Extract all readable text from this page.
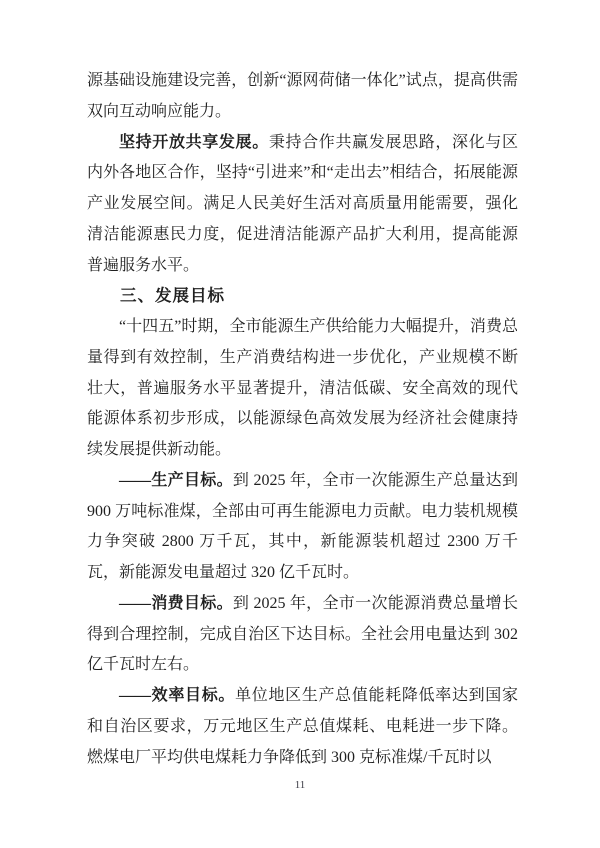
源基础设施建设完善，创新“源网荷储一体化”试点，提高供需双向互动响应能力。

坚持开放共享发展。秉持合作共赢发展思路，深化与区内外各地区合作，坚持“引进来”和“走出去”相结合，拓展能源产业发展空间。满足人民美好生活对高质量用能需要，强化清洁能源惠民力度，促进清洁能源产品扩大利用，提高能源普遍服务水平。

三、发展目标

“十四五”时期，全市能源生产供给能力大幅提升，消费总量得到有效控制，生产消费结构进一步优化，产业规模不断壮大，普遍服务水平显著提升，清洁低碳、安全高效的现代能源体系初步形成，以能源绿色高效发展为经济社会健康持续发展提供新动能。

——生产目标。到 2025 年，全市一次能源生产总量达到 900 万吨标准煤，全部由可再生能源电力贡献。电力装机规模力争突破 2800 万千瓦，其中，新能源装机超过 2300 万千瓦，新能源发电量超过 320 亿千瓦时。

——消费目标。到 2025 年，全市一次能源消费总量增长得到合理控制，完成自治区下达目标。全社会用电量达到 302 亿千瓦时左右。

——效率目标。单位地区生产总值能耗降低率达到国家和自治区要求，万元地区生产总值煤耗、电耗进一步下降。燃煤电厂平均供电煤耗力争降低到 300 克标准煤/千瓦时以

11
